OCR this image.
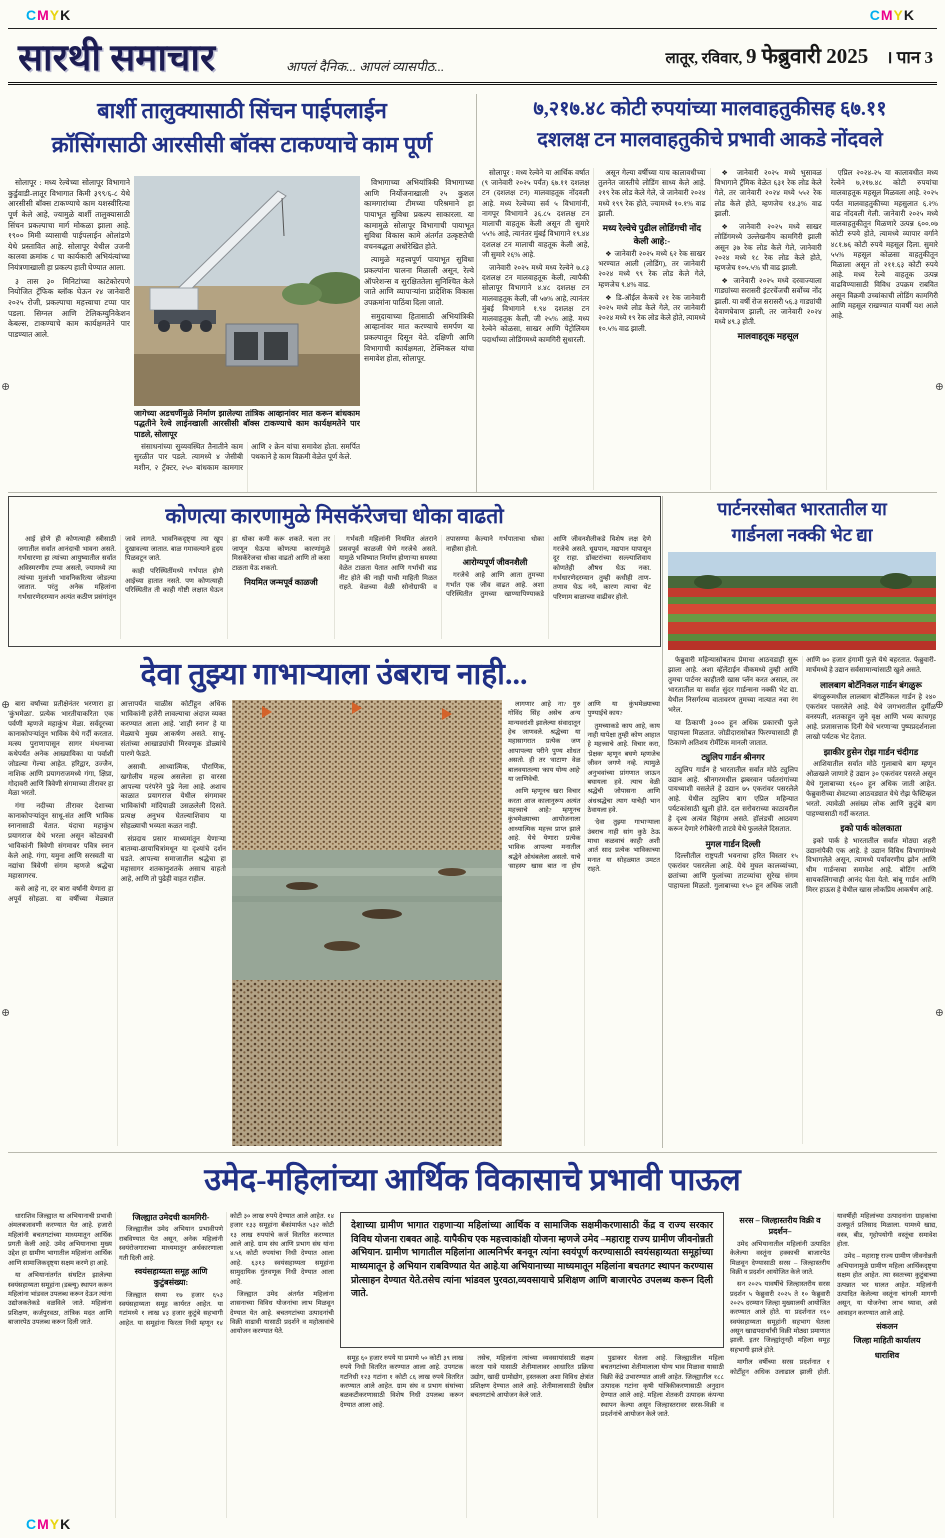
CMYK	CMYK
CMYK
⊕
⊕
⊕
⊕
⊕
⊕
सारथी समाचार	आपलं दैनिक... आपलं व्यासपीठ...	लातूर, रविवार, 9 फेब्रुवारी 2025 । पान 3
बार्शी तालुक्यासाठी सिंचन पाईपलाईन
क्रॉसिंगसाठी आरसीसी बॉक्स टाकण्याचे काम पूर्ण

सोलापूर : मध्य रेल्वेच्या सोलापूर विभागाने कुर्डुवाडी-लातूर विभागात किमी ३९९/६-८ येथे आरसीसी बॉक्स टाकण्याचे काम यशस्वीरित्या पूर्ण केले आहे, ज्यामुळे बार्शी तालुक्यासाठी सिंचन प्रकल्पाचा मार्ग मोकळा झाला आहे. १९०० मिमी व्यासाची पाईपलाईन ओलांडणे येथे प्रस्तावित आहे. सोलापूर येथील उजनी कालवा क्रमांक ८ चा कार्यकारी अभियंत्यांच्या नियंत्रणाखाली हा प्रकल्प हाती घेण्यात आला.

३ तास ३० मिनिटांच्या काटेकोरपणे नियोजित ट्रॅफिक ब्लॉक घेऊन २४ जानेवारी २०२५ रोजी, प्रकल्पाचा महत्त्वाचा टप्पा पार पडला. सिग्नल आणि टेलिकम्युनिकेशन केबल्स, टाकण्याचे काम कार्यक्षमतेने पार पाडण्यात आले.

जागेच्या अडचणींमुळे निर्माण झालेल्या तांत्रिक आव्हानांवर मात करून बांधकाम पद्धतीने रेल्वे लाईनखाली आरसीसी बॉक्स टाकण्याचे काम कार्यक्षमतेने पार पाडले, सोलापूर

संसाधनांच्या सुव्यवस्थित तैनातीने काम सुरळीत पार पडले. त्यामध्ये ४ जेसीबी मशीन, २ ट्रॅक्टर, २५० बांधकाम कामगार आणि २ क्रेन यांचा समावेश होता. समर्पित पथकाने हे काम विक्रमी वेळेत पूर्ण केले.

विभागाच्या अभियांत्रिकी विभागाच्या आणि निर्योजनाखाली २५ कुशल कामगारांच्या टीमच्या परिश्रमाने हा पायाभूत सुविधा प्रकल्प साकारला. या कामामुळे सोलापूर विभागाची पायाभूत सुविधा विकास कामे अंतर्गत उत्कृष्टतेची वचनबद्धता अधोरेखित होते.

त्यामुळे महत्त्वपूर्ण पायाभूत सुविधा प्रकल्पांना चालना मिळाली असून, रेल्वे ऑपरेशन्स व सुरक्षिततेला सुनिश्चित केले जाते आणि व्यापाऱ्यांना प्रादेशिक विकास उपक्रमांना पाठिंबा दिला जातो.

समुदायाच्या हितासाठी अभियांत्रिकी आव्हानांवर मात करण्याचे समर्पण या प्रकल्पातून दिसून येते. दक्षिणी आणि विभागाची कार्यक्षमता, टेक्निकल यांचा समावेश होता, सोलापूर.

७,२१७.४८ कोटी रुपयांच्या मालवाहतुकीसह ६७.११
दशलक्ष टन मालवाहतुकीचे प्रभावी आकडे नोंदवले

सोलापूर : मध्य रेल्वेने या आर्थिक वर्षात (९ जानेवारी २०२५ पर्यंत) ६७.११ दशलक्ष टन (दशलक्ष टन) मालवाहतूक नोंदवली आहे. मध्य रेल्वेच्या सर्व ५ विभागांनी, नागपूर विभागाने ३६.८५ दशलक्ष टन मालाची वाहतूक केली असून ती सुमारे ५५% आहे, त्यानंतर मुंबई विभागाने १९.४४ दशलक्ष टन मालाची वाहतूक केली आहे, जी सुमारे २६% आहे.

जानेवारी २०२५ मध्ये मध्य रेल्वेने ७.८३ दशलक्ष टन मालवाहतूक केली, त्यापैकी सोलापूर विभागाने ४.४८ दशलक्ष टन मालवाहतूक केली, जी ५७% आहे, त्यानंतर मुंबई विभागाने १.९४ दशलक्ष टन मालवाहतूक केली, जी २५% आहे. मध्य रेल्वेने कोळसा, साखर आणि पेट्रोलियम पदार्थांच्या लोडिंगमध्ये कामगिरी सुधारली.

असून गेल्या वर्षीच्या याच कालावधीच्या तुलनेत जास्तीचे लोडिंग साध्य केले आहे. २१९ रेक लोड केले गेले, जे जानेवारी २०२४ मध्ये १९९ रेक होते, ज्यामध्ये १०.१% वाढ झाली.

मध्य रेल्वेचे पुढील लोडिंगची नोंद केली आहे:-

❖ जानेवारी २०२५ मध्ये ६२ रेक साखर भरण्यात आली (लोडिंग), तर जानेवारी २०२४ मध्ये ९९ रेक लोड केले गेले, म्हणजेच ९.४% वाढ.

❖ डि-ऑईल केकचे २१ रेक जानेवारी २०२५ मध्ये लोड केले गेले, तर जानेवारी २०२४ मध्ये १९ रेक लोड केले होते, त्यामध्ये १०.५% वाढ झाली.

❖ जानेवारी २०२५ मध्ये भुसावळ विभागाने ट्रॅमिक वेळेत ६३१ रेक लोड केले गेले, तर जानेवारी २०२४ मध्ये ५५२ रेक लोड केले होते, म्हणजेच १४.३% वाढ झाली.

❖ जानेवारी २०२५ मध्ये साखर लोडिंगमध्ये उल्लेखनीय कामगिरी झाली असून ३७ रेक लोड केले गेले, जानेवारी २०२४ मध्ये १८ रेक लोड केले होते, म्हणजेच १०५.५% ची वाढ झाली.

❖ जानेवारी २०२५ मध्ये दरवाज्याला गाड्यांच्या सरासरी इंटरचेंजची सर्वोच्च नोंद झाली. या वर्षी रोज सरासरी ५६.३ गाड्यांची देवाणघेवाण झाली, तर जानेवारी २०२४ मध्ये ४९.३ होती.

मालवाहतूक महसूल

एप्रिल २०२४-२५ या कालावधीत मध्य रेल्वेने ७,२१७.४८ कोटी रुपयांचा मालवाहतूक महसूल मिळवला आहे. २०२५ पर्यंत मालवाहतुकीच्या महसुलात ६.२% वाढ नोंदवली गेली. जानेवारी २०२५ मध्ये मालवाहतुकीतून मिळणारे उत्पन्न ६००.०७ कोटी रुपये होते, त्यामध्ये व्यापार वर्गाने ४८१.७६ कोटी रुपये महसूल दिला. सुमारे ५५% महसूल कोळसा वाहतुकीतून मिळाला असून तो २११.६३ कोटी रुपये आहे. मध्य रेल्वे वाहतूक उत्पन्न वाढविण्यासाठी विविध उपक्रम राबवित असून विक्रमी उच्चांकाची लोडिंग कामगिरी आणि महसूल राखण्यात यावर्षी यश आले आहे.

कोणत्या कारणामुळे मिसकॅरेजचा धोका वाढतो

आई होणे ही कोणत्याही स्त्रीसाठी जगातील सर्वात आनंदाची भावना असते. गर्भधारणा हा त्यांच्या आयुष्यातील सर्वात अविस्मरणीय टप्पा असतो, ज्यामध्ये त्या त्यांच्या मुलांशी भावनिकरित्या जोडल्या जातात. परंतु अनेक महिलांना गर्भधारणेदरम्यान अत्यंत कठीण प्रसंगांतून जावे लागते. भावनिकदृष्ट्या त्या खूप दुखावल्या जातात. बाळ गमावल्याने हृदय पिळवटून जाते.

काही परिस्थितींमध्ये गर्भपात होणे आईच्या हातात नसते. पण कोणत्याही परिस्थितीत ती काही गोष्टी लक्षात घेऊन हा धोका कमी करू शकते. चला तर जाणून घेऊया कोणत्या कारणांमुळे मिसकॅरेजचा धोका वाढतो आणि तो कसा टाळता येऊ शकतो.

नियमित जन्मपूर्व काळजी

गर्भवती महिलांनी नियमित अंतराने प्रसवपूर्व काळजी घेणे गरजेचे असते. यामुळे भविष्यात निर्माण होणाऱ्या समस्या वेळेत टाळता येतात आणि गर्भाची वाढ नीट होते की नाही याची माहिती मिळत राहते. वेळच्या वेळी सोनोग्राफी व तपासण्या केल्याने गर्भपाताचा धोका नाहीसा होतो.

आरोग्यपूर्ण जीवनशैली

गरजेचे आहे आणि आता तुमच्या गर्भात एक जीव वाढत आहे. अशा परिस्थितीत तुमच्या खाण्यापिण्याकडे आणि जीवनशैलीकडे विशेष लक्ष देणे गरजेचे असते. धूम्रपान, मद्यपान यापासून दूर राहा. डॉक्टरांच्या सल्ल्याशिवाय कोणतेही औषध घेऊ नका. गर्भधारणेदरम्यान तुम्ही कधीही ताण-तणाव घेऊ नये, कारण त्याचा थेट परिणाम बाळाच्या वाढीवर होतो.

पार्टनरसोबत भारतातील या
गार्डनला नक्की भेट द्या

फेब्रुवारी महिन्यासोबतच प्रेमाचा आठवडाही सुरू झाला आहे. अशा व्हॅलेंटाईन वीकमध्ये तुम्ही आणि तुमचा पार्टनर काहीतरी खास प्लॅन करत असाल, तर भारतातील या सर्वात सुंदर गार्डन्सना नक्की भेट द्या. येथील निसर्गरम्य वातावरण तुमच्या नात्यात नवा रंग भरेल.

या ठिकाणी ३००० हून अधिक प्रकारची फुले पाहायला मिळतात. जोडीदारासोबत फिरण्यासाठी ही ठिकाणे अतिशय रोमँटिक मानली जातात.

ट्युलिप गार्डन श्रीनगर

ट्युलिप गार्डन हे भारतातील सर्वात मोठे ट्युलिप उद्यान आहे. श्रीनगरमधील झबरवान पर्वतरांगांच्या पायथ्याशी वसलेले हे उद्यान ७५ एकरांवर पसरलेले आहे. येथील ट्युलिप बाग एप्रिल महिन्यात पर्यटकांसाठी खुली होते. दल सरोवराच्या काठावरील हे दृश्य अत्यंत विहंगम असते. हॉलंडची आठवण करून देणारे रंगीबेरंगी ताटवे येथे फुललेले दिसतात.

मुगल गार्डन दिल्ली

दिल्लीतील राष्ट्रपती भवनाचा हरित विस्तार १५ एकरांवर पसरलेला आहे. येथे मुघल कालव्यांच्या, छतांच्या आणि फुलांच्या ताटव्यांचा सुरेख संगम पाहायला मिळतो. गुलाबाच्या १५० हून अधिक जाती आणि ७० हजार हंगामी फुले येथे बहरतात. फेब्रुवारी-मार्चमध्ये हे उद्यान सर्वसामान्यांसाठी खुले असते.

लालबाग बोटॅनिकल गार्डन बंगळुरू

बंगळुरूमधील लालबाग बोटॅनिकल गार्डन हे २४० एकरांवर पसरलेले आहे. येथे जगभरातील दुर्मीळ वनस्पती, शतकाहून जुने वृक्ष आणि भव्य काचगृह आहे. प्रजासत्ताक दिनी येथे भरणाऱ्या पुष्पप्रदर्शनाला लाखो पर्यटक भेट देतात.

झाकीर हुसेन रोझ गार्डन चंदीगड

आशियातील सर्वात मोठे गुलाबाचे बाग म्हणून ओळखले जाणारे हे उद्यान ३० एकरांवर पसरले असून येथे गुलाबाच्या १६०० हून अधिक जाती आहेत. फेब्रुवारीच्या शेवटच्या आठवड्यात येथे रोझ फेस्टिव्हल भरतो. त्यावेळी असंख्य लोक आणि कुटुंबे बाग पाहण्यासाठी गर्दी करतात.

इको पार्क कोलकाता

इको पार्क हे भारतातील सर्वात मोठ्या शहरी उद्यानांपैकी एक आहे. हे उद्यान विविध विभागांमध्ये विभागलेले असून, त्यामध्ये पर्यावरणीय झोन आणि थीम गार्डन्सचा समावेश आहे. बोटिंग आणि सायकलिंगचाही आनंद घेता येतो. बांबू गार्डन आणि मिरर हाऊस हे येथील खास लोकप्रिय आकर्षण आहे.

देवा तुझ्या गाभाऱ्याला उंबराच नाही...

बारा वर्षांच्या प्रतीक्षेनंतर भरणारा हा 'कुंभमेळा'. प्रत्येक भारतीयाकरिता एक पर्वणी म्हणजे महाकुंभ मेळा. सर्वदूरच्या कानाकोपऱ्यांतून भाविक येथे गर्दी करतात. मत्स्य पुराणापासून सागर मंथनाच्या कथेपर्यंत अनेक आख्यायिका या पर्वाशी जोडल्या गेल्या आहेत. हरिद्वार, उज्जैन, नाशिक आणि प्रयागराजमध्ये गंगा, क्षिप्रा, गोदावरी आणि त्रिवेणी संगमाच्या तीरावर हा मेळा भरतो.

गंगा नदीच्या तीरावर देशाच्या कानाकोपऱ्यांतून साधू-संत आणि भाविक स्नानासाठी येतात. यंदाचा महाकुंभ प्रयागराज येथे भरला असून कोट्यवधी भाविकांनी त्रिवेणी संगमावर पवित्र स्नान केले आहे. गंगा, यमुना आणि सरस्वती या नद्यांचा त्रिवेणी संगम म्हणजे श्रद्धेचा महासागरच.

कसे आहे ना, दर बारा वर्षांनी येणारा हा अपूर्व सोहळा. या वर्षीच्या मेळ्यात आत्तापर्यंत चाळीस कोटींहून अधिक भाविकांनी हजेरी लावल्याचा अंदाज व्यक्त करण्यात आला आहे. 'शाही स्नान' हे या मेळ्याचे मुख्य आकर्षण असते. साधू-संतांच्या आखाड्यांची मिरवणूक डोळ्यांचे पारणे फेडते.

असावी. आध्यात्मिक, पौराणिक, खगोलीय महत्त्व असलेला हा वारसा आपल्या परंपरेने पुढे नेला आहे. अशाच काळात प्रयागराज येथील संगमावर भाविकांची मांदियाळी उसळलेली दिसते. प्रत्यक्ष अनुभव घेतल्याशिवाय या सोहळ्याची भव्यता कळत नाही.

संप्रदाय प्रसार माध्यमांतून येणाऱ्या बातम्या-छायाचित्रांमधून या दृश्यांचे दर्शन घडते. आपल्या समाजातील श्रद्धेचा हा महासागर शतकानुशतके असाच वाहतो आहे, आणि तो पुढेही वाहत राहील.

लागणार आहे ना? गुरु गोविंद सिंह असेच अन्य मान्यवरांशी झालेल्या संवादातून हेच जाणवले. श्रद्धेच्या या महासागरात प्रत्येक जण आपापल्या परीने पुण्य शोधत असतो. ही तर 'वाटाण' वेळ बालवयातल्या 'काय योग्य आहे' या जाणिवेची.

आणि म्हणूनच खरा विचार करता आज कालानुरूप अत्यंत महत्त्वाचे आहे? म्हणूनच कुंभमेळ्याच्या आयोजनाला आध्यात्मिक महत्त्व प्राप्त झाले आहे. येथे येणारा प्रत्येक भाविक आपल्या मनातील श्रद्धेने ओथंबलेला असतो. याचे 'साहस्य' खास बात ना होय आणि या कुंभमेळ्याच्या पुण्याईचे काय?

तुमच्याकडे काय आहे, काय नाही यापेक्षा तुम्ही कोण आहात हे महत्त्वाचे आहे. विचार करा, 'प्रेक्षक' म्हणून बघणे म्हणजेच जीवन जगणे नव्हे. त्यामुळे अनुभवांच्या प्रांगणात जाऊन बघायला हवे. त्याच वेळी श्रद्धेची जोपासना आणि अंधश्रद्धेचा त्याग याचेही भान ठेवायला हवे.

'देवा तुझ्या गाभाऱ्याला उंबराच नाही सांग कुठे ठेऊ माथा कळवाचं काही' अशी आर्त साद प्रत्येक भाविकाच्या मनात या सोहळ्यात उमटत राहते.

उमेद-महिलांच्या आर्थिक विकासाचे प्रभावी पाऊल

धाराशिव जिल्ह्यात या अभियानाची प्रभावी अंमलबजावणी करण्यात येत आहे. हजारो महिलांनी बचतगटांच्या माध्यमातून आर्थिक प्रगती केली आहे. उमेद अभियानाचा मुख्य उद्देश हा ग्रामीण भागातील महिलांना आर्थिक आणि सामाजिकदृष्ट्या सक्षम करणे हा आहे.

या अभियानांतर्गत संघटित झालेल्या स्वयंसहाय्यता समूहांना (डब्ल्यू) स्थापन करून महिलांना भांडवल उपलब्ध करून देऊन त्यांना उद्योजकतेकडे वळविले जाते. महिलांना प्रशिक्षण, कर्जपुरवठा, तांत्रिक मदत आणि बाजारपेठ उपलब्ध करून दिली जाते.

जिल्ह्यात उमेदची कामगिरी-

जिल्ह्यातील उमेद अभियान प्रभावीपणे राबविण्यात येत असून, अनेक महिलांनी स्वयंरोजगाराच्या माध्यमातून अर्थकारणाला गती दिली आहे.

स्वयंसहाय्यता समूह आणि कुटुंबसंख्या:

जिल्ह्यात सध्या १७ हजार ६५३ स्वयंसहाय्यता समूह कार्यरत आहेत. या गटांमध्ये १ लाख ४३ हजार कुटुंबे सहभागी आहेत. या समूहांना फिरता निधी म्हणून १४ कोटी ३० लाख रुपये देण्यात आले आहेत. १४ हजार १३३ समूहांना बँकांमार्फत ५३२ कोटी १३ लाख रुपयांचे कर्ज वितरित करण्यात आले आहे. ग्राम संघ आणि प्रभाग संघ यांना ४.५६ कोटी रुपयांचा निधी देण्यात आला आहे. ६३१३ स्वयंसहाय्यता समूहांना सामुदायिक गुंतवणूक निधी देण्यात आला आहे.

जिल्ह्यात उमेद अंतर्गत महिलांना शासनाच्या विविध योजनांचा लाभ मिळवून देण्यात येत आहे. बचतगटांच्या उत्पादनांची विक्री वाढावी यासाठी प्रदर्शने व महोत्सवांचे आयोजन करण्यात येते.

देशाच्या ग्रामीण भागात राहणाऱ्या महिलांच्या आर्थिक व सामाजिक सक्षमीकरणासाठी केंद्र व राज्य सरकार विविध योजना राबवत आहे. यापैकीच एक महत्त्वाकांक्षी योजना म्हणजे उमेद –महाराष्ट्र राज्य ग्रामीण जीवनोन्नती अभियान. ग्रामीण भागातील महिलांना आत्मनिर्भर बनवून त्यांना स्वयंपूर्ण करण्यासाठी स्वयंसहाय्यता समूहांच्या माध्यमातून हे अभियान राबविण्यात येत आहे.या अभियानाच्या माध्यमातून महिलांना बचतगट स्थापन करण्यास प्रोत्साहन देण्यात येते.तसेच त्यांना भांडवल पुरवठा,व्यवसायाचे प्रशिक्षण आणि बाजारपेठ उपलब्ध करून दिली जाते.

समूह ६० हजार रुपये या प्रमाणे ५० कोटी ३९ लाख रुपये निधी वितरित करण्यात आला आहे. उपगटक गटनिधी १२३ गटांना १ कोटी ८६ लाख रुपये वितरित करण्यात आले आहेत. ग्राम संघ व प्रभाग संघांच्या बळकटीकरणासाठी विशेष निधी उपलब्ध करून देण्यात आला आहे.

तसेच, महिलांना त्यांच्या व्यवसायांसाठी सक्षम करता यावे यासाठी शेतीमालावर आधारित प्रक्रिया उद्योग, खादी ग्रामोद्योग, हस्तकला अशा विविध क्षेत्रांत प्रशिक्षण देण्यात आले आहे. शेतीमालासाठी देखील बचतगटांचे आयोजन केले जाते.

पुढाकार घेतला आहे. जिल्ह्यातील महिला बचतगटांच्या शेतीमालाला योग्य भाव मिळावा यासाठी विक्री केंद्रे उभारण्यात आली आहेत. जिल्ह्यातील १८८ उत्पादक गटांना कृषी यांत्रिकीकरणासाठी अनुदान देण्यात आले आहे. महिला शेतकरी उत्पादक कंपन्या स्थापन केल्या असून जिल्हास्तरावर सरस-विक्री व प्रदर्शनांचे आयोजन केले जाते.

सरस – जिल्हास्तरीय विक्री व प्रदर्शन–

उमेद अभियानातील महिलांनी उत्पादित केलेल्या वस्तूंना हक्काची बाजारपेठ मिळवून देण्यासाठी सरस – जिल्हास्तरीय विक्री व प्रदर्शन आयोजित केले जाते.

सन २०२५ यावर्षीचे जिल्हास्तरीय सरस प्रदर्शन ५ फेब्रुवारी २०२५ ते १० फेब्रुवारी २०२५ दरम्यान जिल्हा मुख्यालयी आयोजित करण्यात आले होते. या प्रदर्शनात १६० स्वयंसहाय्यता समूहांनी सहभाग घेतला असून खाद्यपदार्थांची विक्री मोठ्या प्रमाणात झाली. इतर जिल्ह्यांतूनही महिला समूह सहभागी झाले होते.

मागील वर्षीच्या सरस प्रदर्शनात १ कोटींहून अधिक उलाढाल झाली होती. यावर्षीही महिलांच्या उत्पादनांना ग्राहकांचा उत्स्फूर्त प्रतिसाद मिळाला. यामध्ये खाद्य, वस्त्र, बीड, गृहोपयोगी वस्तूंचा समावेश होता.

उमेद – महाराष्ट्र राज्य ग्रामीण जीवनोन्नती अभियानामुळे ग्रामीण महिला आर्थिकदृष्ट्या सक्षम होत आहेत. त्या स्वतःच्या कुटुंबाच्या उत्पन्नात भर घालत आहेत. महिलांनी उत्पादित केलेल्या वस्तूंना चांगली मागणी असून, या योजनेचा लाभ घ्यावा, असे आवाहन करण्यात आले आहे.

संकलन
जिल्हा माहिती कार्यालय
धाराशिव
